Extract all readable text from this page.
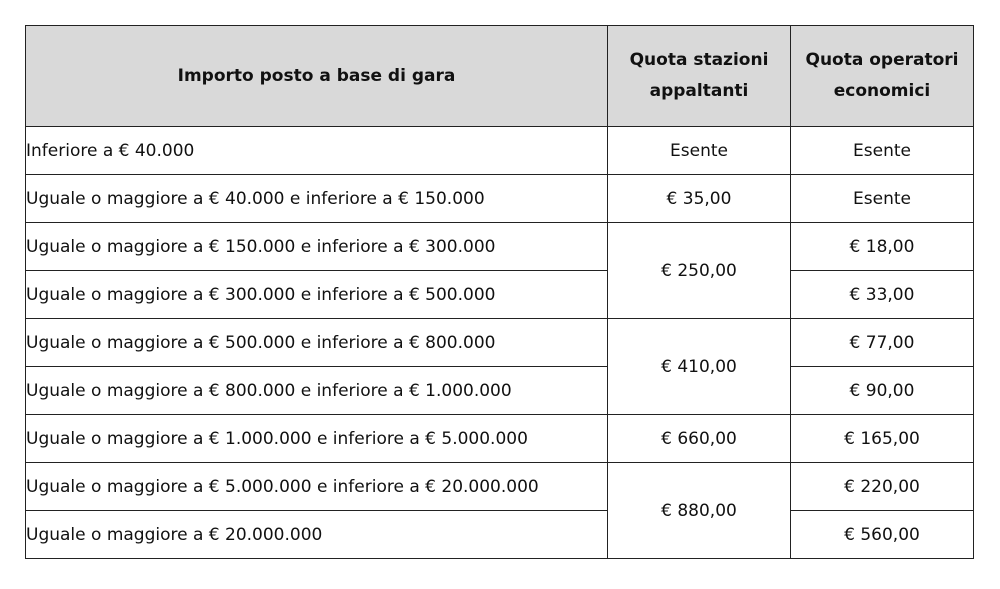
Importo posto a base di gara	Quota stazioni appaltanti	Quota operatori economici
Inferiore a € 40.000	Esente	Esente
Uguale o maggiore a € 40.000 e inferiore a € 150.000	€ 35,00	Esente
Uguale o maggiore a € 150.000 e inferiore a € 300.000	€ 250,00	€ 18,00
Uguale o maggiore a € 300.000 e inferiore a € 500.000		€ 33,00
Uguale o maggiore a € 500.000 e inferiore a € 800.000	€ 410,00	€ 77,00
Uguale o maggiore a € 800.000 e inferiore a € 1.000.000		€ 90,00
Uguale o maggiore a € 1.000.000 e inferiore a € 5.000.000	€ 660,00	€ 165,00
Uguale o maggiore a € 5.000.000 e inferiore a € 20.000.000	€ 880,00	€ 220,00
Uguale o maggiore a € 20.000.000		€ 560,00
